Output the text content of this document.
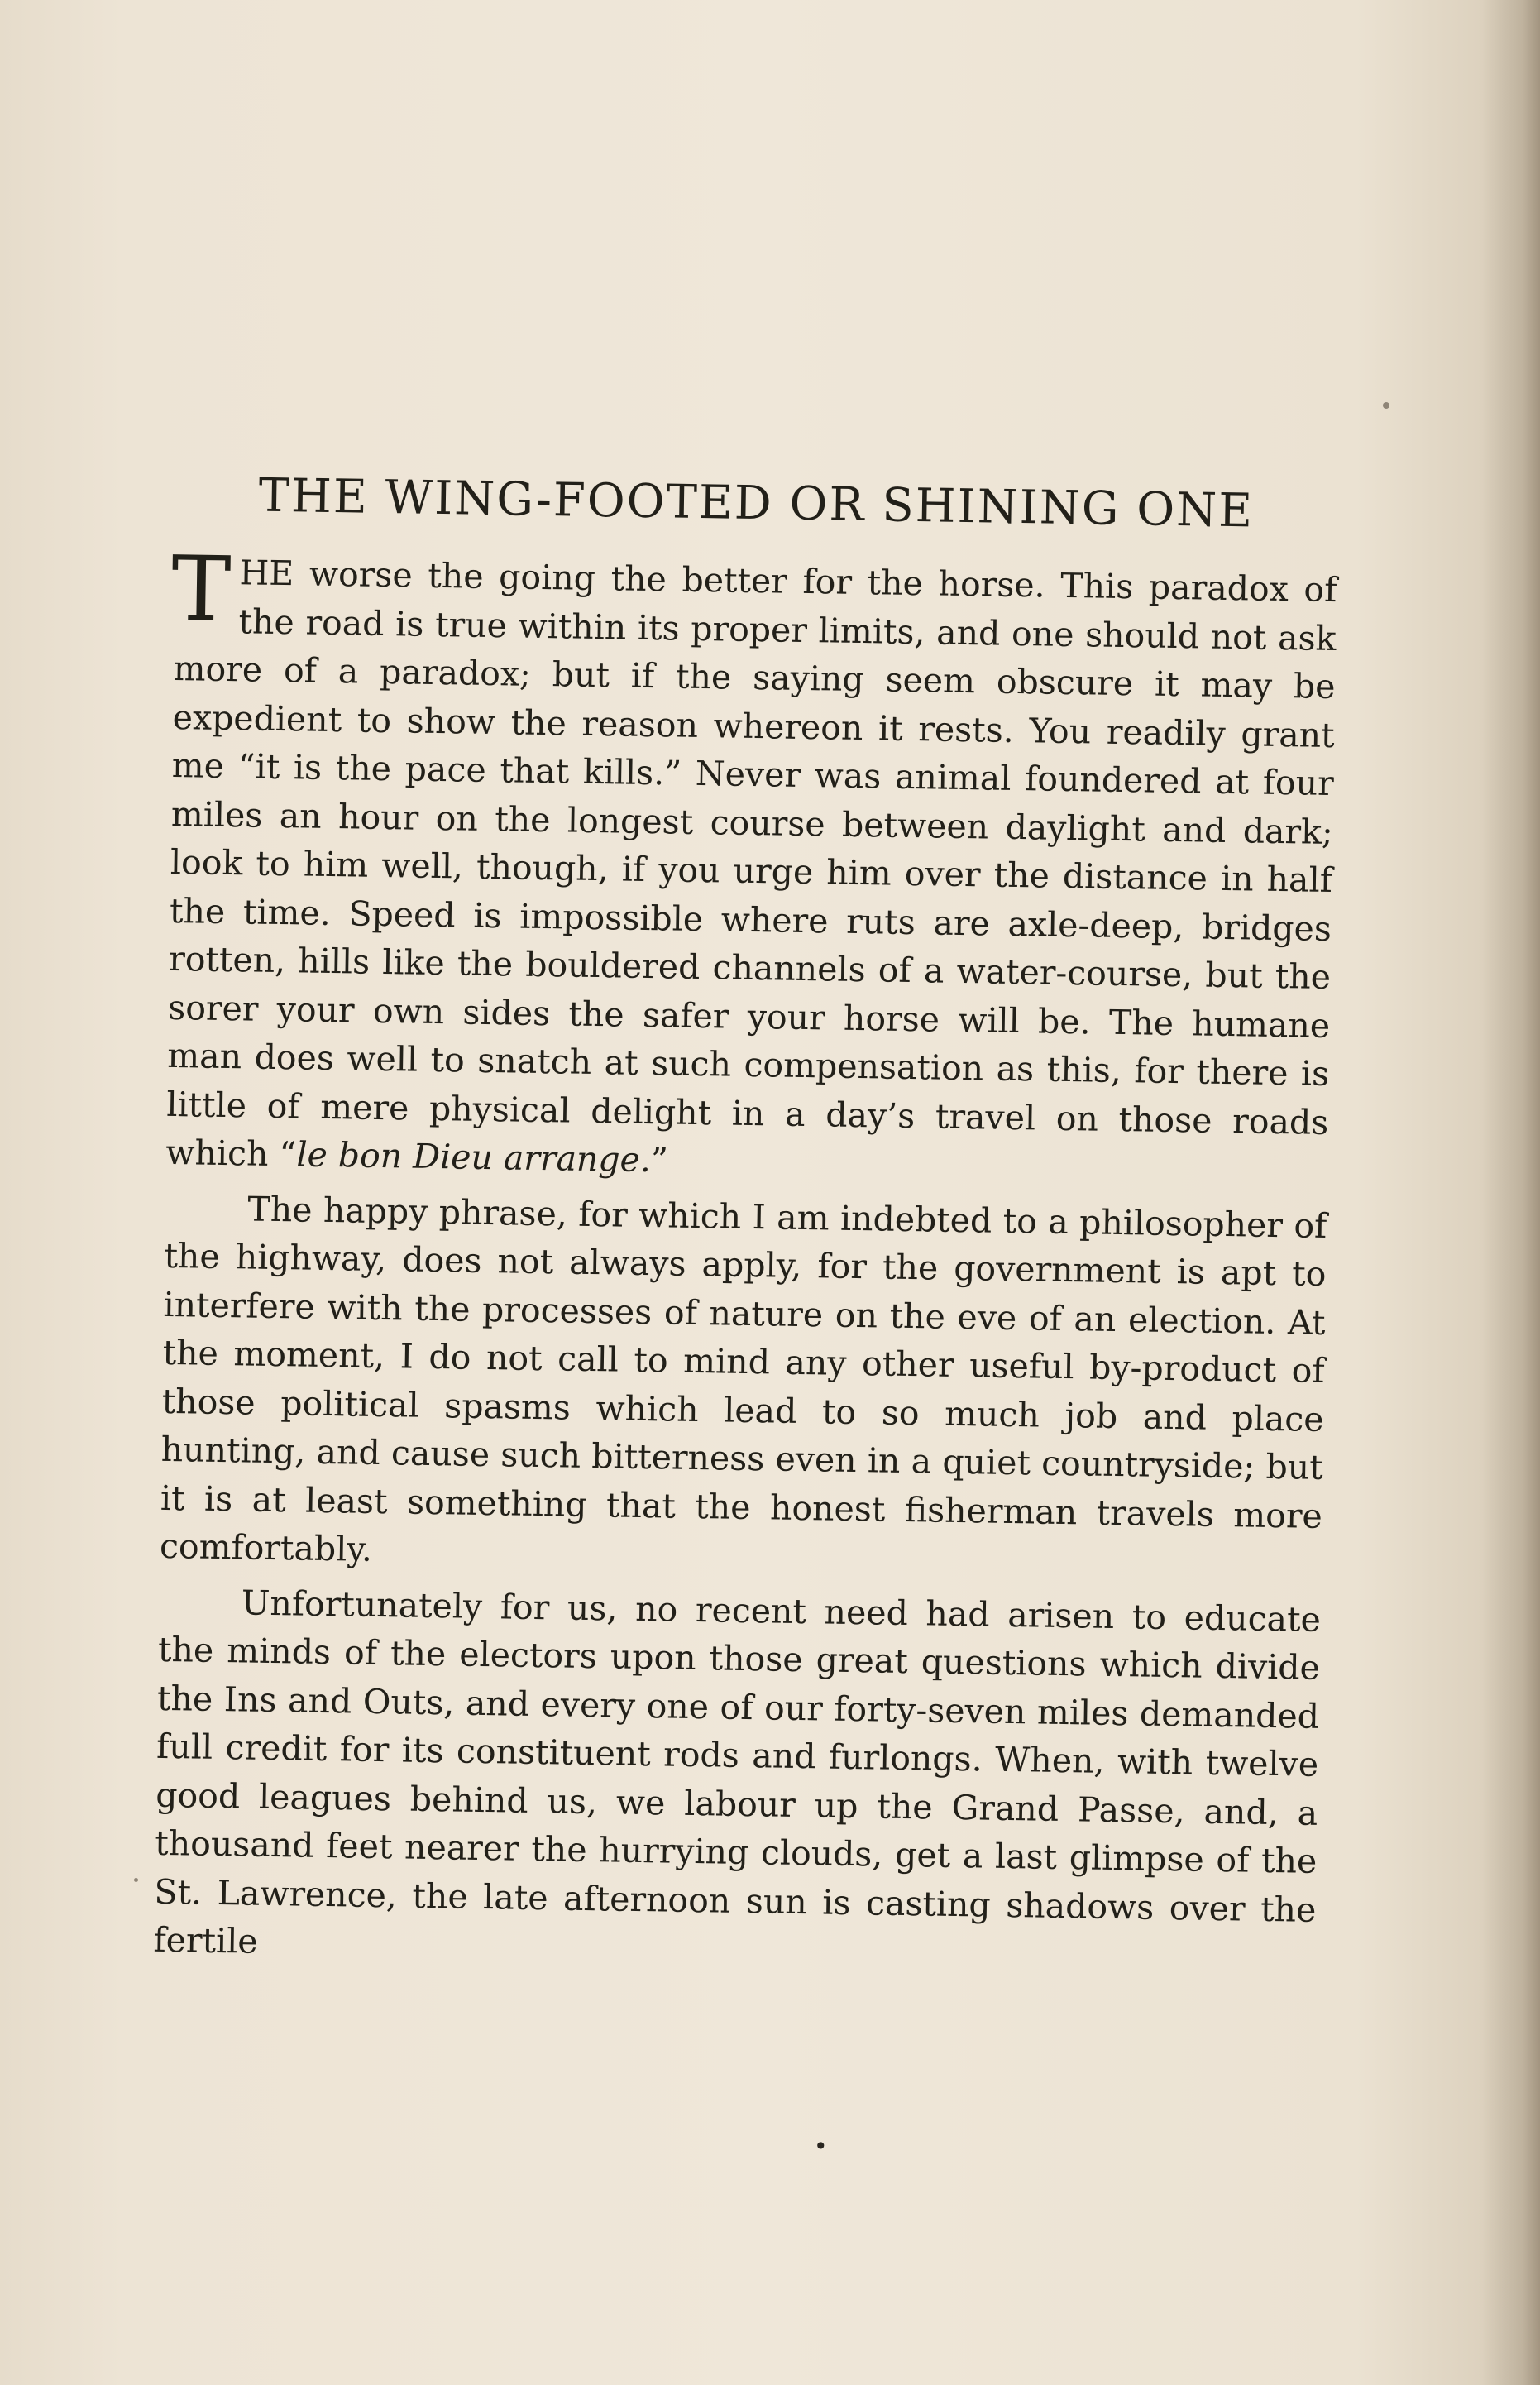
THE WING-FOOTED OR SHINING ONE

THE worse the going the better for the horse. This paradox of the road is true within its proper limits, and one should not ask more of a paradox; but if the saying seem obscure it may be expedient to show the reason whereon it rests. You readily grant me “it is the pace that kills.” Never was animal foundered at four miles an hour on the longest course between daylight and dark; look to him well, though, if you urge him over the distance in half the time. Speed is impossible where ruts are axle-deep, bridges rotten, hills like the bouldered channels of a water-course, but the sorer your own sides the safer your horse will be. The humane man does well to snatch at such compensation as this, for there is little of mere physical delight in a day’s travel on those roads which “le bon Dieu arrange.”

The happy phrase, for which I am indebted to a philosopher of the highway, does not always apply, for the government is apt to interfere with the processes of nature on the eve of an election. At the moment, I do not call to mind any other useful by-product of those political spasms which lead to so much job and place hunting, and cause such bitterness even in a quiet countryside; but it is at least something that the honest fisherman travels more comfortably.

Unfortunately for us, no recent need had arisen to educate the minds of the electors upon those great questions which divide the Ins and Outs, and every one of our forty-seven miles demanded full credit for its constituent rods and furlongs. When, with twelve good leagues behind us, we labour up the Grand Passe, and, a thousand feet nearer the hurrying clouds, get a last glimpse of the St. Lawrence, the late afternoon sun is casting shadows over the fertile

•
